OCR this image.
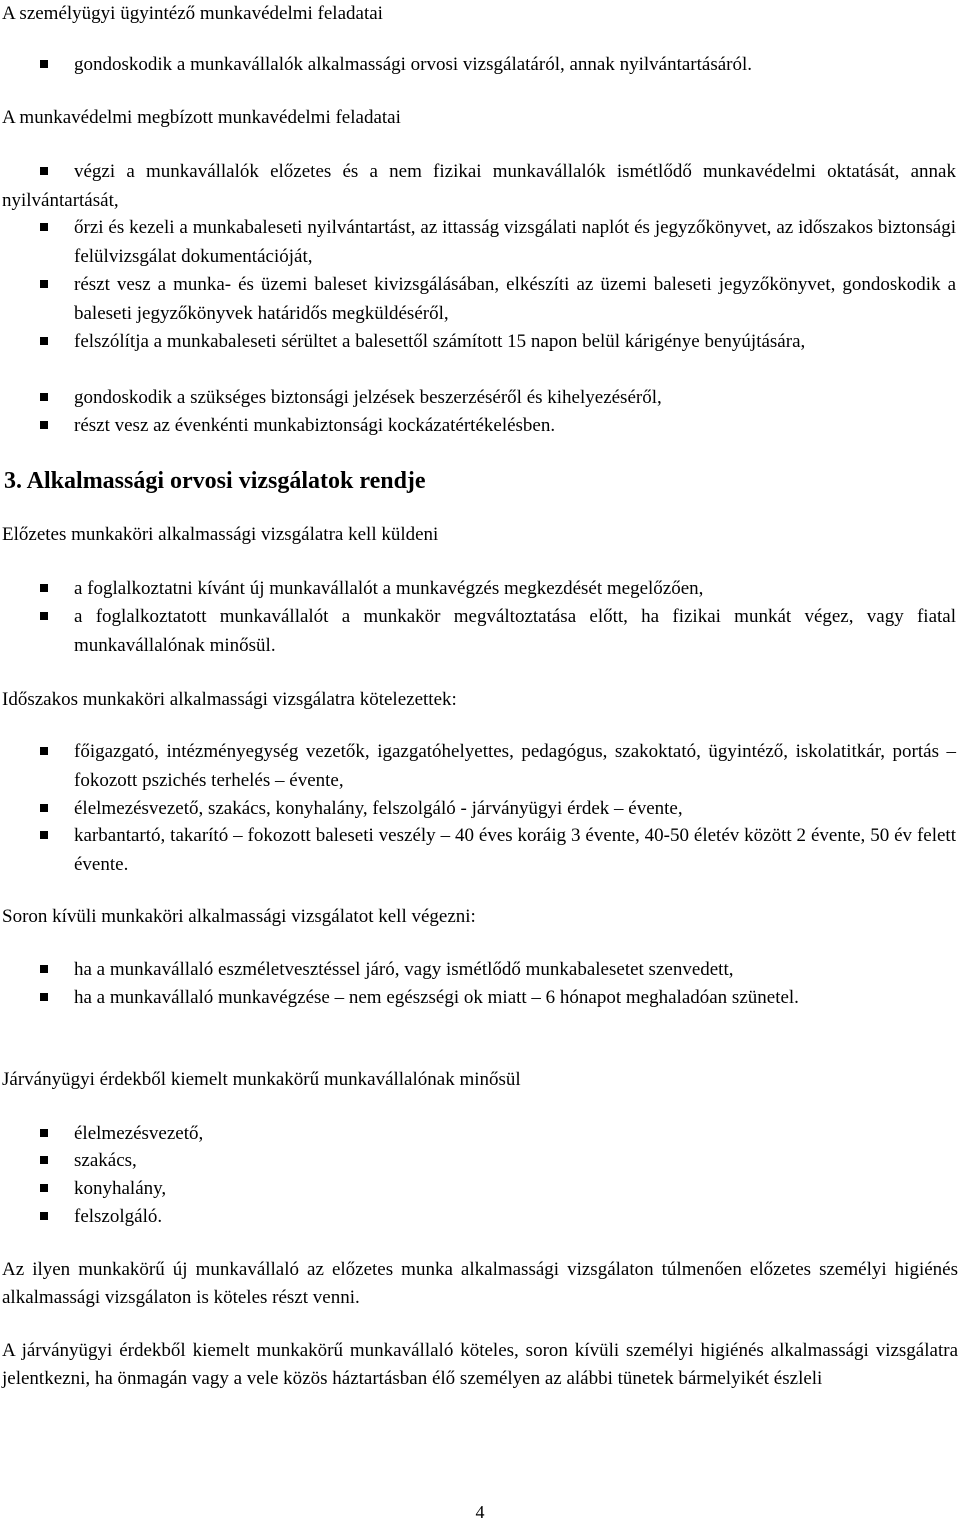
A személyügyi ügyintéző munkavédelmi feladatai
gondoskodik a munkavállalók alkalmassági orvosi vizsgálatáról, annak nyilvántartásáról.
A munkavédelmi megbízott munkavédelmi feladatai
végzi a munkavállalók előzetes és a nem fizikai munkavállalók ismétlődő munkavédelmi oktatását, annak nyilvántartását,
őrzi és kezeli a munkabaleseti nyilvántartást, az ittasság vizsgálati naplót és jegyzőkönyvet, az időszakos biztonsági felülvizsgálat dokumentációját,
részt vesz a munka- és üzemi baleset kivizsgálásában, elkészíti az üzemi baleseti jegyzőkönyvet, gondoskodik a baleseti jegyzőkönyvek határidős megküldéséről,
felszólítja a munkabaleseti sérültet a balesettől számított 15 napon belül kárigénye benyújtására,
gondoskodik a szükséges biztonsági jelzések beszerzéséről és kihelyezéséről,
részt vesz az évenkénti munkabiztonsági kockázatértékelésben.
3. Alkalmassági orvosi vizsgálatok rendje
Előzetes munkaköri alkalmassági vizsgálatra kell küldeni
a foglalkoztatni kívánt új munkavállalót a munkavégzés megkezdését megelőzően,
a foglalkoztatott munkavállalót a munkakör megváltoztatása előtt, ha fizikai munkát végez, vagy fiatal munkavállalónak minősül.
Időszakos munkaköri alkalmassági vizsgálatra kötelezettek:
főigazgató, intézményegység vezetők, igazgatóhelyettes, pedagógus, szakoktató, ügyintéző, iskolatitkár, portás – fokozott pszichés terhelés – évente,
élelmezésvezető, szakács, konyhalány, felszolgáló - járványügyi érdek – évente,
karbantartó, takarító – fokozott baleseti veszély – 40 éves koráig 3 évente, 40-50 életév között 2 évente, 50 év felett évente.
Soron kívüli munkaköri alkalmassági vizsgálatot kell végezni:
ha a munkavállaló eszméletvesztéssel járó, vagy ismétlődő munkabalesetet szenvedett,
ha a munkavállaló munkavégzése – nem egészségi ok miatt – 6 hónapot meghaladóan szünetel.
Járványügyi érdekből kiemelt munkakörű munkavállalónak minősül
élelmezésvezető,
szakács,
konyhalány,
felszolgáló.
Az ilyen munkakörű új munkavállaló az előzetes munka alkalmassági vizsgálaton túlmenően előzetes személyi higiénés alkalmassági vizsgálaton is köteles részt venni.
A járványügyi érdekből kiemelt munkakörű munkavállaló köteles, soron kívüli személyi higiénés alkalmassági vizsgálatra jelentkezni, ha önmagán vagy a vele közös háztartásban élő személyen az alábbi tünetek bármelyikét észleli
4
